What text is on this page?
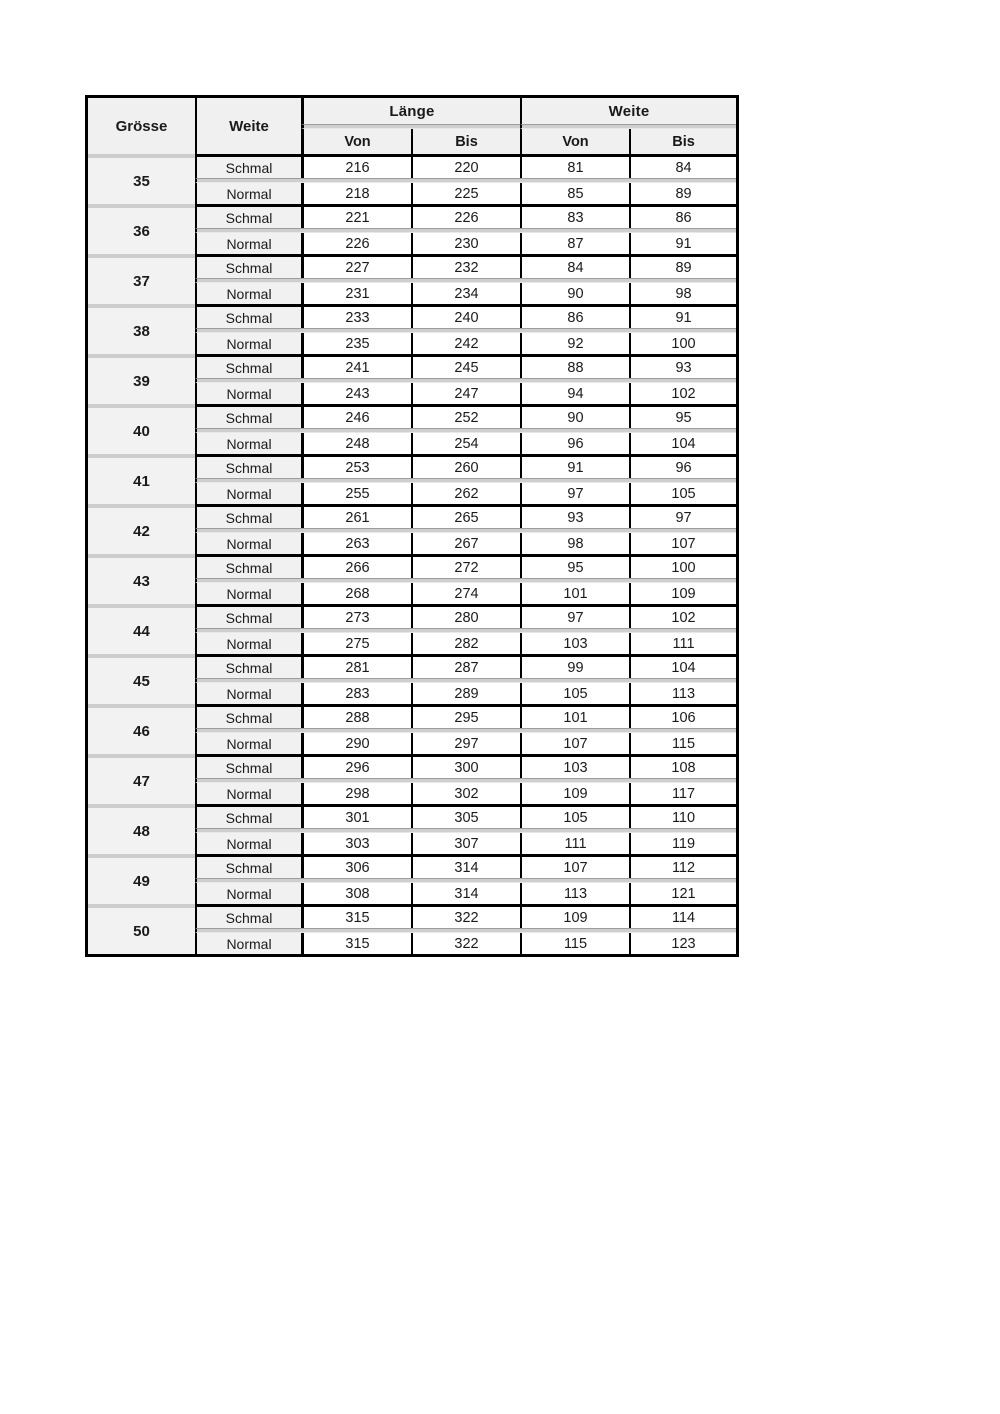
Grösse	Weite	Länge		Weite	

		Von	Bis	Von	Bis
35	Schmal	216	220	81	84

	Normal	218	225	85	89
36	Schmal	221	226	83	86

	Normal	226	230	87	91
37	Schmal	227	232	84	89

	Normal	231	234	90	98
38	Schmal	233	240	86	91

	Normal	235	242	92	100
39	Schmal	241	245	88	93

	Normal	243	247	94	102
40	Schmal	246	252	90	95

	Normal	248	254	96	104
41	Schmal	253	260	91	96

	Normal	255	262	97	105
42	Schmal	261	265	93	97

	Normal	263	267	98	107
43	Schmal	266	272	95	100

	Normal	268	274	101	109
44	Schmal	273	280	97	102

	Normal	275	282	103	111
45	Schmal	281	287	99	104

	Normal	283	289	105	113
46	Schmal	288	295	101	106

	Normal	290	297	107	115
47	Schmal	296	300	103	108

	Normal	298	302	109	117
48	Schmal	301	305	105	110

	Normal	303	307	111	119
49	Schmal	306	314	107	112

	Normal	308	314	113	121
50	Schmal	315	322	109	114

	Normal	315	322	115	123
